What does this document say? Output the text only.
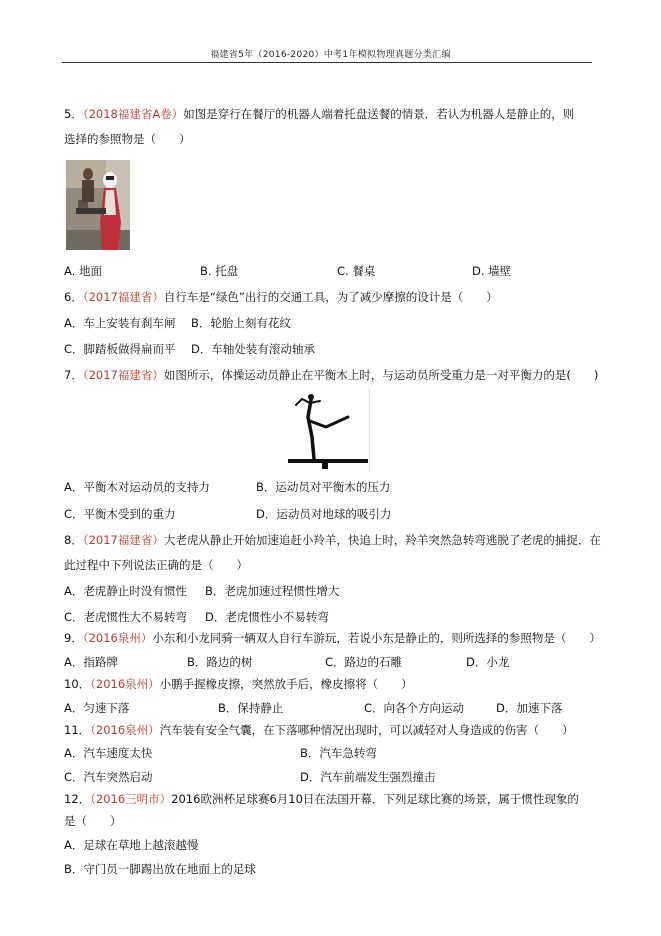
福建省5年（2016-2020）中考1年模拟物理真题分类汇编
5．（2018福建省A卷）如图是穿行在餐厅的机器人端着托盘送餐的情景．若认为机器人是静止的，则
选择的参照物是（　　）
A. 地面	B. 托盘	C. 餐桌	D. 墙壁
6．（2017福建省）自行车是“绿色”出行的交通工具，为了减少摩擦的设计是（　　）
A．车上安装有刹车闸 B．轮胎上刻有花纹
C．脚踏板做得扁而平 D．车轴处装有滚动轴承
7．（2017福建省）如图所示，体操运动员静止在平衡木上时，与运动员所受重力是一对平衡力的是(　　)
A．平衡木对运动员的支持力	B．运动员对平衡木的压力
C．平衡木受到的重力	D．运动员对地球的吸引力
8．（2017福建省）大老虎从静止开始加速追赶小羚羊，快追上时，羚羊突然急转弯逃脱了老虎的捕捉．在
此过程中下列说法正确的是（　　）
A．老虎静止时没有惯性 B．老虎加速过程惯性增大
C．老虎惯性大不易转弯 D．老虎惯性小不易转弯
9．（2016泉州）小东和小龙同骑一辆双人自行车游玩，若说小东是静止的，则所选择的参照物是（　　）
A．指路牌	B．路边的树	C．路边的石雕	D．小龙
10．（2016泉州）小鹏手握橡皮擦，突然放手后，橡皮擦将（　　）
A．匀速下落	B．保持静止	C．向各个方向运动	D．加速下落
11．（2016泉州）汽车装有安全气囊，在下落哪种情况出现时，可以减轻对人身造成的伤害（　　）
A．汽车速度太快	B．汽车急转弯
C．汽车突然启动	D．汽车前端发生强烈撞击
12．（2016三明市）2016欧洲杯足球赛6月10日在法国开幕．下列足球比赛的场景，属于惯性现象的
是（　　）
A．足球在草地上越滚越慢
B．守门员一脚踢出放在地面上的足球
